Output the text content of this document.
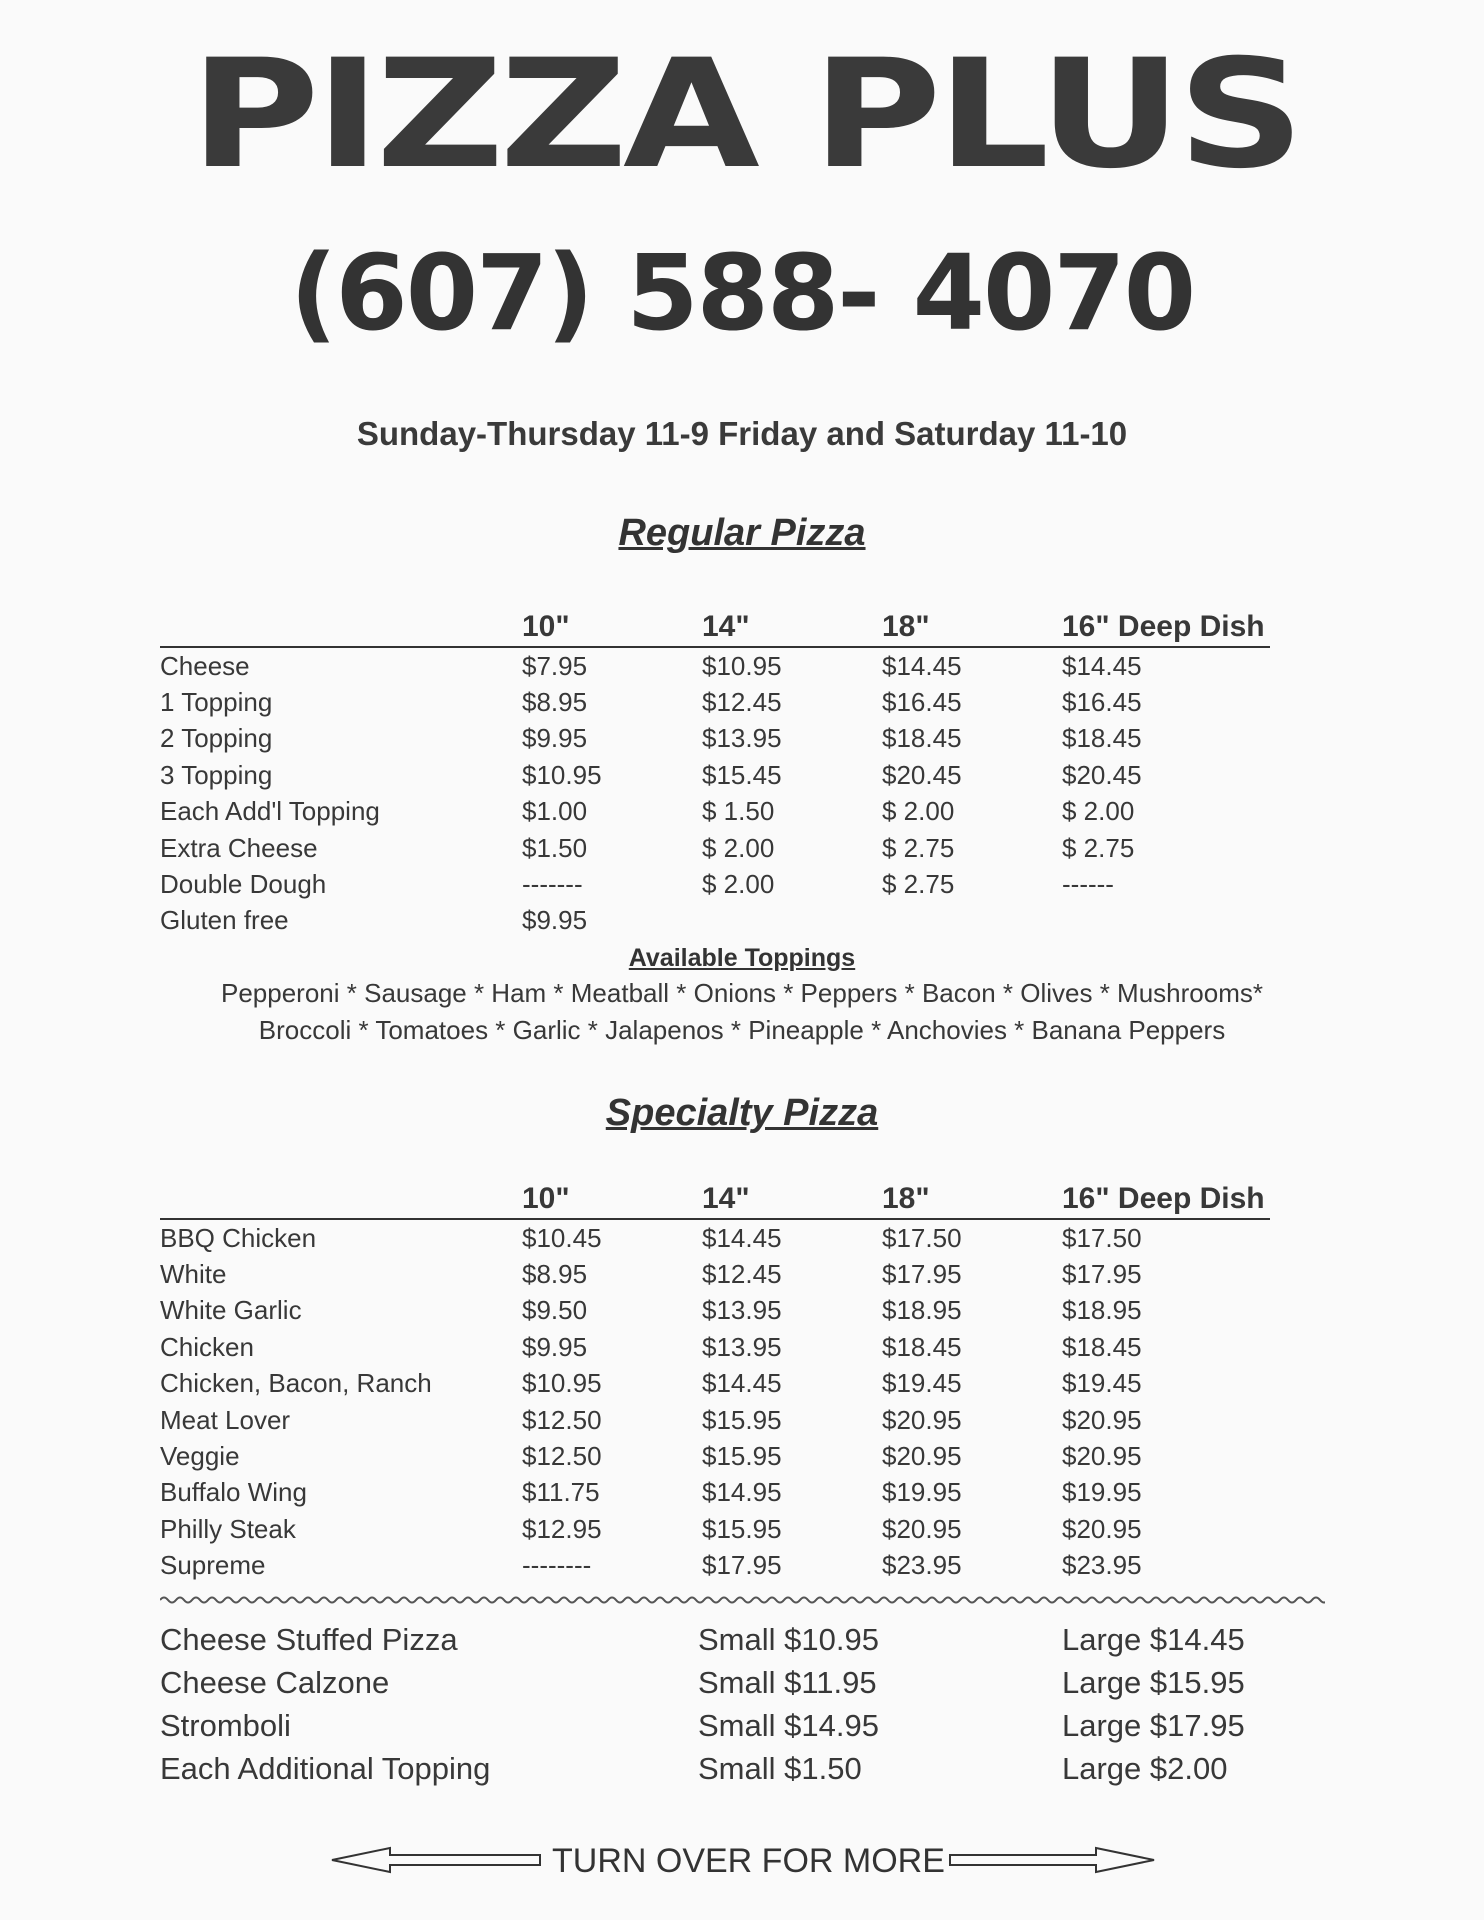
PIZZA PLUS
(607) 588- 4070
Sunday-Thursday 11-9 Friday and Saturday 11-10
Regular Pizza
	10"	14"	18"	16" Deep Dish
Cheese	$7.95	$10.95	$14.45	$14.45
1 Topping	$8.95	$12.45	$16.45	$16.45
2 Topping	$9.95	$13.95	$18.45	$18.45
3 Topping	$10.95	$15.45	$20.45	$20.45
Each Add'l Topping	$1.00	$ 1.50	$ 2.00	$ 2.00
Extra Cheese	$1.50	$ 2.00	$ 2.75	$ 2.75
Double Dough	-------	$ 2.00	$ 2.75	------
Gluten free	$9.95			
Available Toppings
Pepperoni * Sausage * Ham * Meatball * Onions * Peppers * Bacon * Olives * Mushrooms*
Broccoli * Tomatoes * Garlic * Jalapenos * Pineapple * Anchovies * Banana Peppers
Specialty Pizza
	10"	14"	18"	16" Deep Dish
BBQ Chicken	$10.45	$14.45	$17.50	$17.50
White	$8.95	$12.45	$17.95	$17.95
White Garlic	$9.50	$13.95	$18.95	$18.95
Chicken	$9.95	$13.95	$18.45	$18.45
Chicken, Bacon, Ranch	$10.95	$14.45	$19.45	$19.45
Meat Lover	$12.50	$15.95	$20.95	$20.95
Veggie	$12.50	$15.95	$20.95	$20.95
Buffalo Wing	$11.75	$14.95	$19.95	$19.95
Philly Steak	$12.95	$15.95	$20.95	$20.95
Supreme	--------	$17.95	$23.95	$23.95
Cheese Stuffed Pizza	Small $10.95	Large $14.45
Cheese Calzone	Small $11.95	Large $15.95
Stromboli	Small $14.95	Large $17.95
Each Additional Topping	Small $1.50	Large $2.00
TURN OVER FOR MORE
